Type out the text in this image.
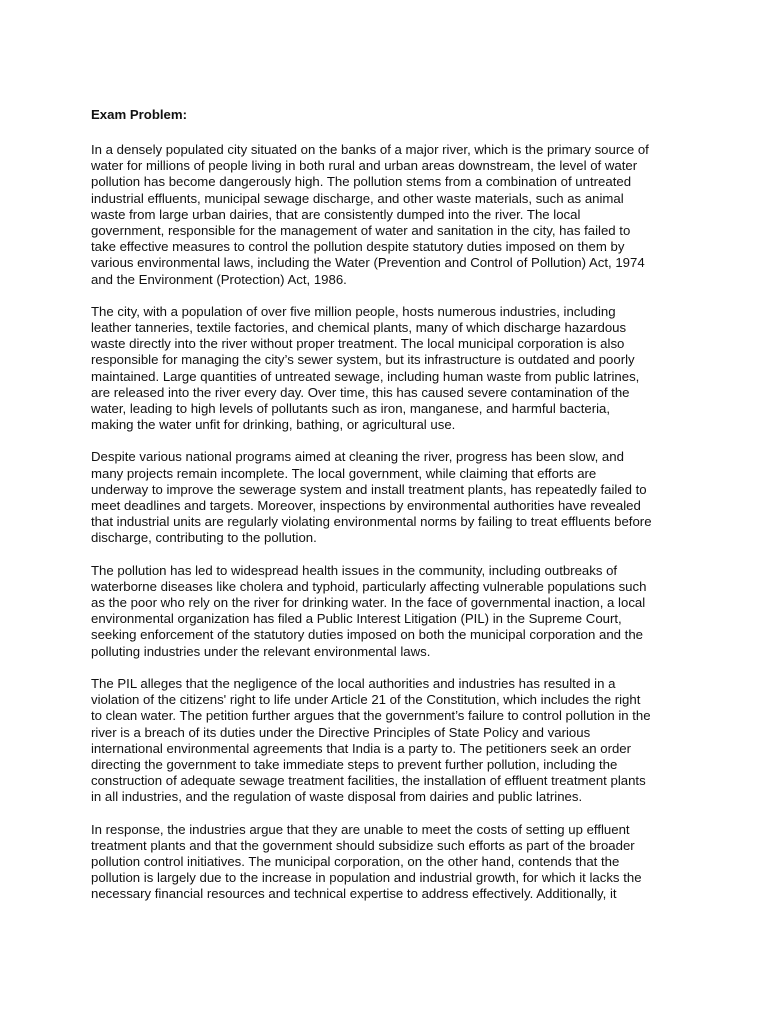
Exam Problem:
In a densely populated city situated on the banks of a major river, which is the primary source of
water for millions of people living in both rural and urban areas downstream, the level of water
pollution has become dangerously high. The pollution stems from a combination of untreated
industrial effluents, municipal sewage discharge, and other waste materials, such as animal
waste from large urban dairies, that are consistently dumped into the river. The local
government, responsible for the management of water and sanitation in the city, has failed to
take effective measures to control the pollution despite statutory duties imposed on them by
various environmental laws, including the Water (Prevention and Control of Pollution) Act, 1974
and the Environment (Protection) Act, 1986.
The city, with a population of over five million people, hosts numerous industries, including
leather tanneries, textile factories, and chemical plants, many of which discharge hazardous
waste directly into the river without proper treatment. The local municipal corporation is also
responsible for managing the city’s sewer system, but its infrastructure is outdated and poorly
maintained. Large quantities of untreated sewage, including human waste from public latrines,
are released into the river every day. Over time, this has caused severe contamination of the
water, leading to high levels of pollutants such as iron, manganese, and harmful bacteria,
making the water unfit for drinking, bathing, or agricultural use.
Despite various national programs aimed at cleaning the river, progress has been slow, and
many projects remain incomplete. The local government, while claiming that efforts are
underway to improve the sewerage system and install treatment plants, has repeatedly failed to
meet deadlines and targets. Moreover, inspections by environmental authorities have revealed
that industrial units are regularly violating environmental norms by failing to treat effluents before
discharge, contributing to the pollution.
The pollution has led to widespread health issues in the community, including outbreaks of
waterborne diseases like cholera and typhoid, particularly affecting vulnerable populations such
as the poor who rely on the river for drinking water. In the face of governmental inaction, a local
environmental organization has filed a Public Interest Litigation (PIL) in the Supreme Court,
seeking enforcement of the statutory duties imposed on both the municipal corporation and the
polluting industries under the relevant environmental laws.
The PIL alleges that the negligence of the local authorities and industries has resulted in a
violation of the citizens' right to life under Article 21 of the Constitution, which includes the right
to clean water. The petition further argues that the government’s failure to control pollution in the
river is a breach of its duties under the Directive Principles of State Policy and various
international environmental agreements that India is a party to. The petitioners seek an order
directing the government to take immediate steps to prevent further pollution, including the
construction of adequate sewage treatment facilities, the installation of effluent treatment plants
in all industries, and the regulation of waste disposal from dairies and public latrines.
In response, the industries argue that they are unable to meet the costs of setting up effluent
treatment plants and that the government should subsidize such efforts as part of the broader
pollution control initiatives. The municipal corporation, on the other hand, contends that the
pollution is largely due to the increase in population and industrial growth, for which it lacks the
necessary financial resources and technical expertise to address effectively. Additionally, it
